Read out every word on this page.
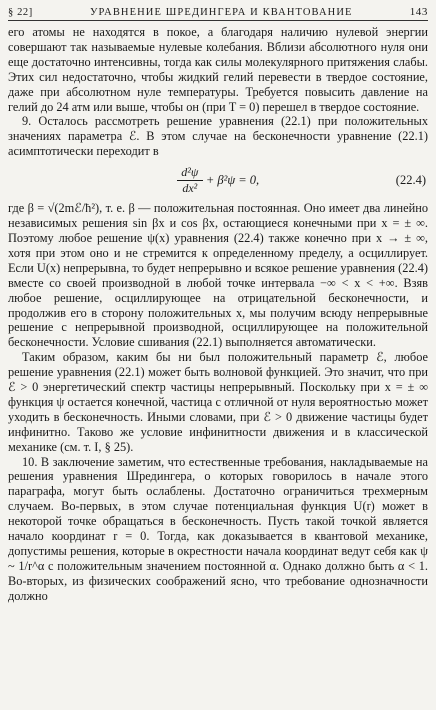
§ 22]	УРАВНЕНИЕ ШРЕДИНГЕРА И КВАНТОВАНИЕ	143

его атомы не находятся в покое, а благодаря наличию нулевой энергии совершают так называемые нулевые колебания. Вблизи абсолютного нуля они еще достаточно интенсивны, тогда как силы молекулярного притяжения слабы. Этих сил недостаточно, чтобы жидкий гелий перевести в твердое состояние, даже при абсолютном нуле температуры. Требуется повысить давление на гелий до 24 атм или выше, чтобы он (при T = 0) перешел в твердое состояние.

9. Осталось рассмотреть решение уравнения (22.1) при положительных значениях параметра ℰ. В этом случае на бесконечности уравнение (22.1) асимптотически переходит в

$\frac{\text{d²ψ}}{\text{dx²}} + \beta^2\psi = 0$,	(22.4)

где β = √(2mℰ/ħ²), т. е. β — положительная постоянная. Оно имеет два линейно независимых решения sin βx и cos βx, остающиеся конечными при x = ± ∞. Поэтому любое решение ψ(x) уравнения (22.4) также конечно при x → ± ∞, хотя при этом оно и не стремится к определенному пределу, а осциллирует. Если U(x) непрерывна, то будет непрерывно и всякое решение уравнения (22.4) вместе со своей производной в любой точке интервала −∞ < x < +∞. Взяв любое решение, осциллирующее на отрицательной бесконечности, и продолжив его в сторону положительных x, мы получим всюду непрерывные решение с непрерывной производной, осциллирующее на положительной бесконечности. Условие сшивания (22.1) выполняется автоматически.

Таким образом, каким бы ни был положительный параметр ℰ, любое решение уравнения (22.1) может быть волновой функцией. Это значит, что при ℰ > 0 энергетический спектр частицы непрерывный. Поскольку при x = ± ∞ функция ψ остается конечной, частица с отличной от нуля вероятностью может уходить в бесконечность. Иными словами, при ℰ > 0 движение частицы будет инфинитно. Таково же условие инфинитности движения и в классической механике (см. т. I, § 25).

10. В заключение заметим, что естественные требования, накладываемые на решения уравнения Шредингера, о которых говорилось в начале этого параграфа, могут быть ослаблены. Достаточно ограничиться трехмерным случаем. Во-первых, в этом случае потенциальная функция U(r) может в некоторой точке обращаться в бесконечность. Пусть такой точкой является начало координат r = 0. Тогда, как доказывается в квантовой механике, допустимы решения, которые в окрестности начала координат ведут себя как ψ ~ 1/r^α с положительным значением постоянной α. Однако должно быть α < 1. Во-вторых, из физических соображений ясно, что требование однозначности должно
